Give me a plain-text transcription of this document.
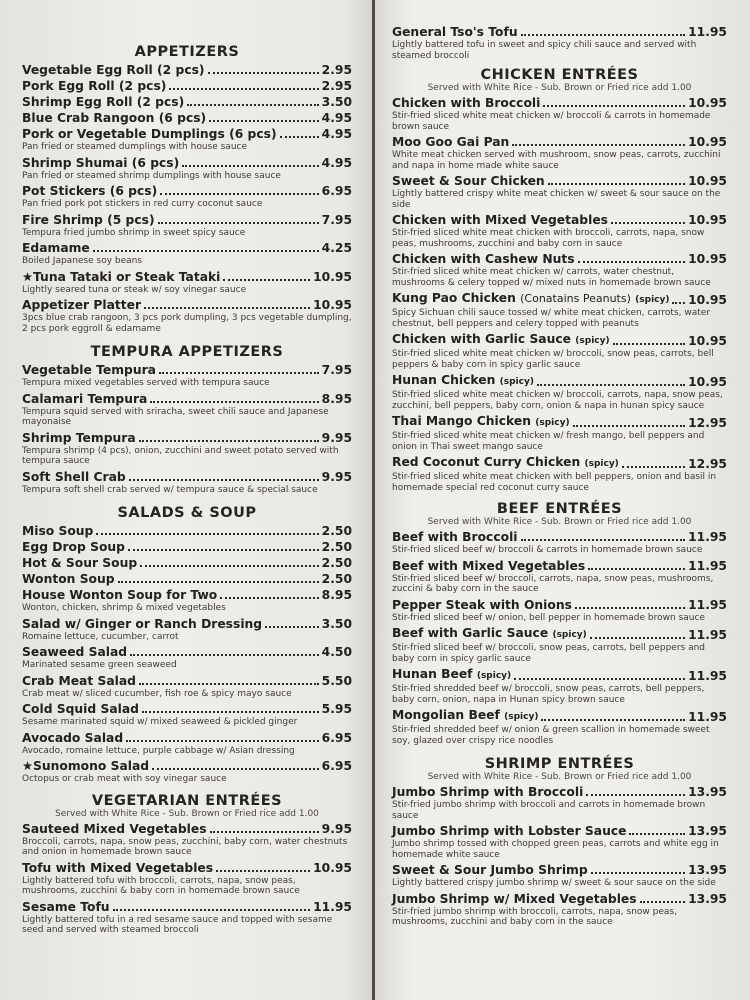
APPETIZERS
Vegetable Egg Roll (2 pcs)	2.95
Pork Egg Roll (2 pcs)	2.95
Shrimp Egg Roll (2 pcs)	3.50
Blue Crab Rangoon (6 pcs)	4.95
Pork or Vegetable Dumplings (6 pcs)	4.95
Pan fried or steamed dumplings with house sauce
Shrimp Shumai (6 pcs)	4.95
Pan fried or steamed shrimp dumplings with house sauce
Pot Stickers (6 pcs)	6.95
Pan fried pork pot stickers in red curry coconut sauce
Fire Shrimp (5 pcs)	7.95
Tempura fried jumbo shrimp in sweet spicy sauce
Edamame	4.25
Boiled Japanese soy beans
★Tuna Tataki or Steak Tataki	10.95
Lightly seared tuna or steak w/ soy vinegar sauce
Appetizer Platter	10.95
3pcs blue crab rangoon, 3 pcs pork dumpling, 3 pcs vegetable dumpling, 2 pcs pork eggroll & edamame
TEMPURA APPETIZERS
Vegetable Tempura	7.95
Tempura mixed vegetables served with tempura sauce
Calamari Tempura	8.95
Tempura squid served with sriracha, sweet chili sauce and Japanese mayonaise
Shrimp Tempura	9.95
Tempura shrimp (4 pcs), onion, zucchini and sweet potato served with tempura sauce
Soft Shell Crab	9.95
Tempura soft shell crab served w/ tempura sauce & special sauce
SALADS & SOUP
Miso Soup	2.50
Egg Drop Soup	2.50
Hot & Sour Soup	2.50
Wonton Soup	2.50
House Wonton Soup for Two	8.95
Wonton, chicken, shrimp & mixed vegetables
Salad w/ Ginger or Ranch Dressing	3.50
Romaine lettuce, cucumber, carrot
Seaweed Salad	4.50
Marinated sesame green seaweed
Crab Meat Salad	5.50
Crab meat w/ sliced cucumber, fish roe & spicy mayo sauce
Cold Squid Salad	5.95
Sesame marinated squid w/ mixed seaweed & pickled ginger
Avocado Salad	6.95
Avocado, romaine lettuce, purple cabbage w/ Asian dressing
★Sunomono Salad	6.95
Octopus or crab meat with soy vinegar sauce
VEGETARIAN ENTRÉES
Served with White Rice - Sub. Brown or Fried rice add 1.00
Sauteed Mixed Vegetables	9.95
Broccoli, carrots, napa, snow peas, zucchini, baby corn, water chestnuts and onion in homemade brown sauce
Tofu with Mixed Vegetables	10.95
Lightly battered tofu with broccoli, carrots, napa, snow peas, mushrooms, zucchini & baby corn in homemade brown sauce
Sesame Tofu	11.95
Lightly battered tofu in a red sesame sauce and topped with sesame seed and served with steamed broccoli
General Tso's Tofu	11.95
Lightly battered tofu in sweet and spicy chili sauce and served with steamed broccoli
CHICKEN ENTRÉES
Served with White Rice - Sub. Brown or Fried rice add 1.00
Chicken with Broccoli	10.95
Stir-fried sliced white meat chicken w/ broccoli & carrots in homemade brown sauce
Moo Goo Gai Pan	10.95
White meat chicken served with mushroom, snow peas, carrots, zucchini and napa in home made white sauce
Sweet & Sour Chicken	10.95
Lightly battered crispy white meat chicken w/ sweet & sour sauce on the side
Chicken with Mixed Vegetables	10.95
Stir-fried sliced white meat chicken with broccoli, carrots, napa, snow peas, mushrooms, zucchini and baby corn in sauce
Chicken with Cashew Nuts	10.95
Stir-fried sliced white meat chicken w/ carrots, water chestnut, mushrooms & celery topped w/ mixed nuts in homemade brown sauce
Kung Pao Chicken (Conatains Peanuts) (spicy) 10.95
Spicy Sichuan chili sauce tossed w/ white meat chicken, carrots, water chestnut, bell peppers and celery topped with peanuts
Chicken with Garlic Sauce (spicy)	10.95
Stir-fried sliced white meat chicken w/ broccoli, snow peas, carrots, bell peppers & baby corn in spicy garlic sauce
Hunan Chicken (spicy)	10.95
Stir-fried sliced white meat chicken w/ broccoli, carrots, napa, snow peas, zucchini, bell peppers, baby corn, onion & napa in hunan spicy sauce
Thai Mango Chicken (spicy)	12.95
Stir-fried sliced white meat chicken w/ fresh mango, bell peppers and onion in Thai sweet mango sauce
Red Coconut Curry Chicken (spicy)	12.95
Stir-fried sliced white meat chicken with bell peppers, onion and basil in homemade special red coconut curry sauce
BEEF ENTRÉES
Served with White Rice - Sub. Brown or Fried rice add 1.00
Beef with Broccoli	11.95
Stir-fried sliced beef w/ broccoli & carrots in homemade brown sauce
Beef with Mixed Vegetables	11.95
Stir-fried sliced beef w/ broccoli, carrots, napa, snow peas, mushrooms, zuccini & baby corn in the sauce
Pepper Steak with Onions	11.95
Stir-fried sliced beef w/ onion, bell pepper in homemade brown sauce
Beef with Garlic Sauce (spicy)	11.95
Stir-fried sliced beef w/ broccoli, snow peas, carrots, bell peppers and baby corn in spicy garlic sauce
Hunan Beef (spicy)	11.95
Stir-fried shredded beef w/ broccoli, snow peas, carrots, bell peppers, baby corn, onion, napa in Hunan spicy brown sauce
Mongolian Beef (spicy)	11.95
Stir-fried shredded beef w/ onion & green scallion in homemade sweet soy, glazed over crispy rice noodles
SHRIMP ENTRÉES
Served with White Rice - Sub. Brown or Fried rice add 1.00
Jumbo Shrimp with Broccoli	13.95
Stir-fried jumbo shrimp with broccoli and carrots in homemade brown sauce
Jumbo Shrimp with Lobster Sauce	13.95
Jumbo shrimp tossed with chopped green peas, carrots and white egg in homemade white sauce
Sweet & Sour Jumbo Shrimp	13.95
Lightly battered crispy jumbo shrimp w/ sweet & sour sauce on the side
Jumbo Shrimp w/ Mixed Vegetables	13.95
Stir-fried jumbo shrimp with broccoli, carrots, napa, snow peas, mushrooms, zucchini and baby corn in the sauce
